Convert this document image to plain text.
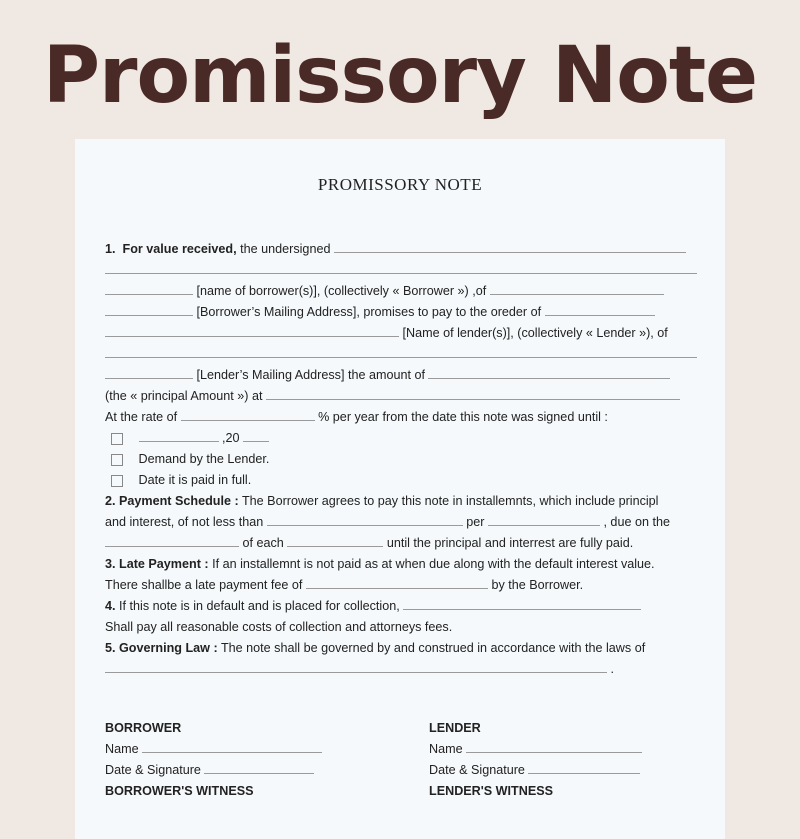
Promissory Note
PROMISSORY NOTE
1. For value received, the undersigned
[name of borrower(s)], (collectively « Borrower ») ,of
[Borrower’s Mailing Address], promises to pay to the oreder of
[Name of lender(s)], (collectively « Lender »), of
[Lender’s Mailing Address] the amount of
(the « principal Amount ») at
At the rate of	% per year from the date this note was signed until :
,20
Demand by the Lender.
Date it is paid in full.
2. Payment Schedule : The Borrower agrees to pay this note in installemnts, which include principl
and interest, of not less than	per	, due on the
of each	until the principal and interrest are fully paid.
3. Late Payment : If an installemnt is not paid as at when due along with the default interest value.
There shallbe a late payment fee of	by the Borrower.
4. If this note is in default and is placed for collection,
Shall pay all reasonable costs of collection and attorneys fees.
5. Governing Law : The note shall be governed by and construed in accordance with the laws of
.
BORROWER
Name
Date & Signature
BORROWER'S WITNESS
LENDER
Name
Date & Signature
LENDER'S WITNESS
